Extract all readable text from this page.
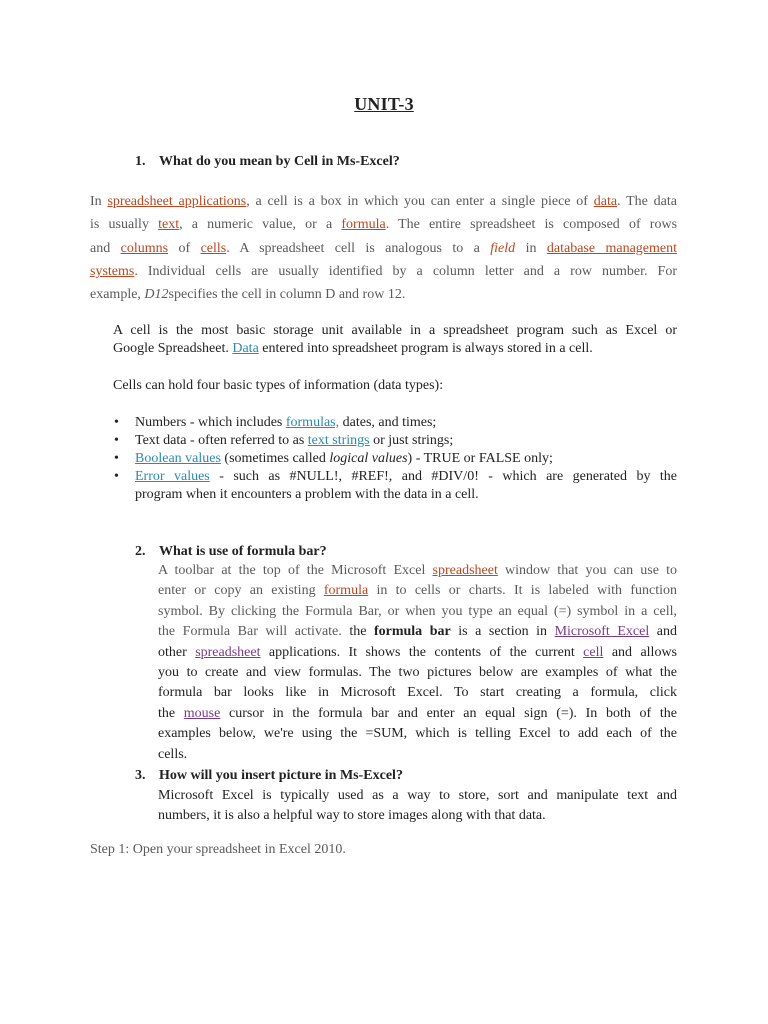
UNIT-3
1. What do you mean by Cell in Ms-Excel?
In spreadsheet applications, a cell is a box in which you can enter a single piece of data. The data
is usually text, a numeric value, or a formula. The entire spreadsheet is composed of rows
and columns of cells. A spreadsheet cell is analogous to a field in database management
systems. Individual cells are usually identified by a column letter and a row number. For
example, D12specifies the cell in column D and row 12.
A cell is the most basic storage unit available in a spreadsheet program such as Excel or
Google Spreadsheet. Data entered into spreadsheet program is always stored in a cell.
Cells can hold four basic types of information (data types):
• Numbers - which includes formulas, dates, and times;
• Text data - often referred to as text strings or just strings;
• Boolean values (sometimes called logical values) - TRUE or FALSE only;
• Error values - such as #NULL!, #REF!, and #DIV/0! - which are generated by the
program when it encounters a problem with the data in a cell.
2. What is use of formula bar?
A toolbar at the top of the Microsoft Excel spreadsheet window that you can use to
enter or copy an existing formula in to cells or charts. It is labeled with function
symbol. By clicking the Formula Bar, or when you type an equal (=) symbol in a cell,
the Formula Bar will activate. the formula bar is a section in Microsoft Excel and
other spreadsheet applications. It shows the contents of the current cell and allows
you to create and view formulas. The two pictures below are examples of what the
formula bar looks like in Microsoft Excel. To start creating a formula, click
the mouse cursor in the formula bar and enter an equal sign (=). In both of the
examples below, we're using the =SUM, which is telling Excel to add each of the
cells.
3. How will you insert picture in Ms-Excel?
Microsoft Excel is typically used as a way to store, sort and manipulate text and
numbers, it is also a helpful way to store images along with that data.
Step 1: Open your spreadsheet in Excel 2010.
